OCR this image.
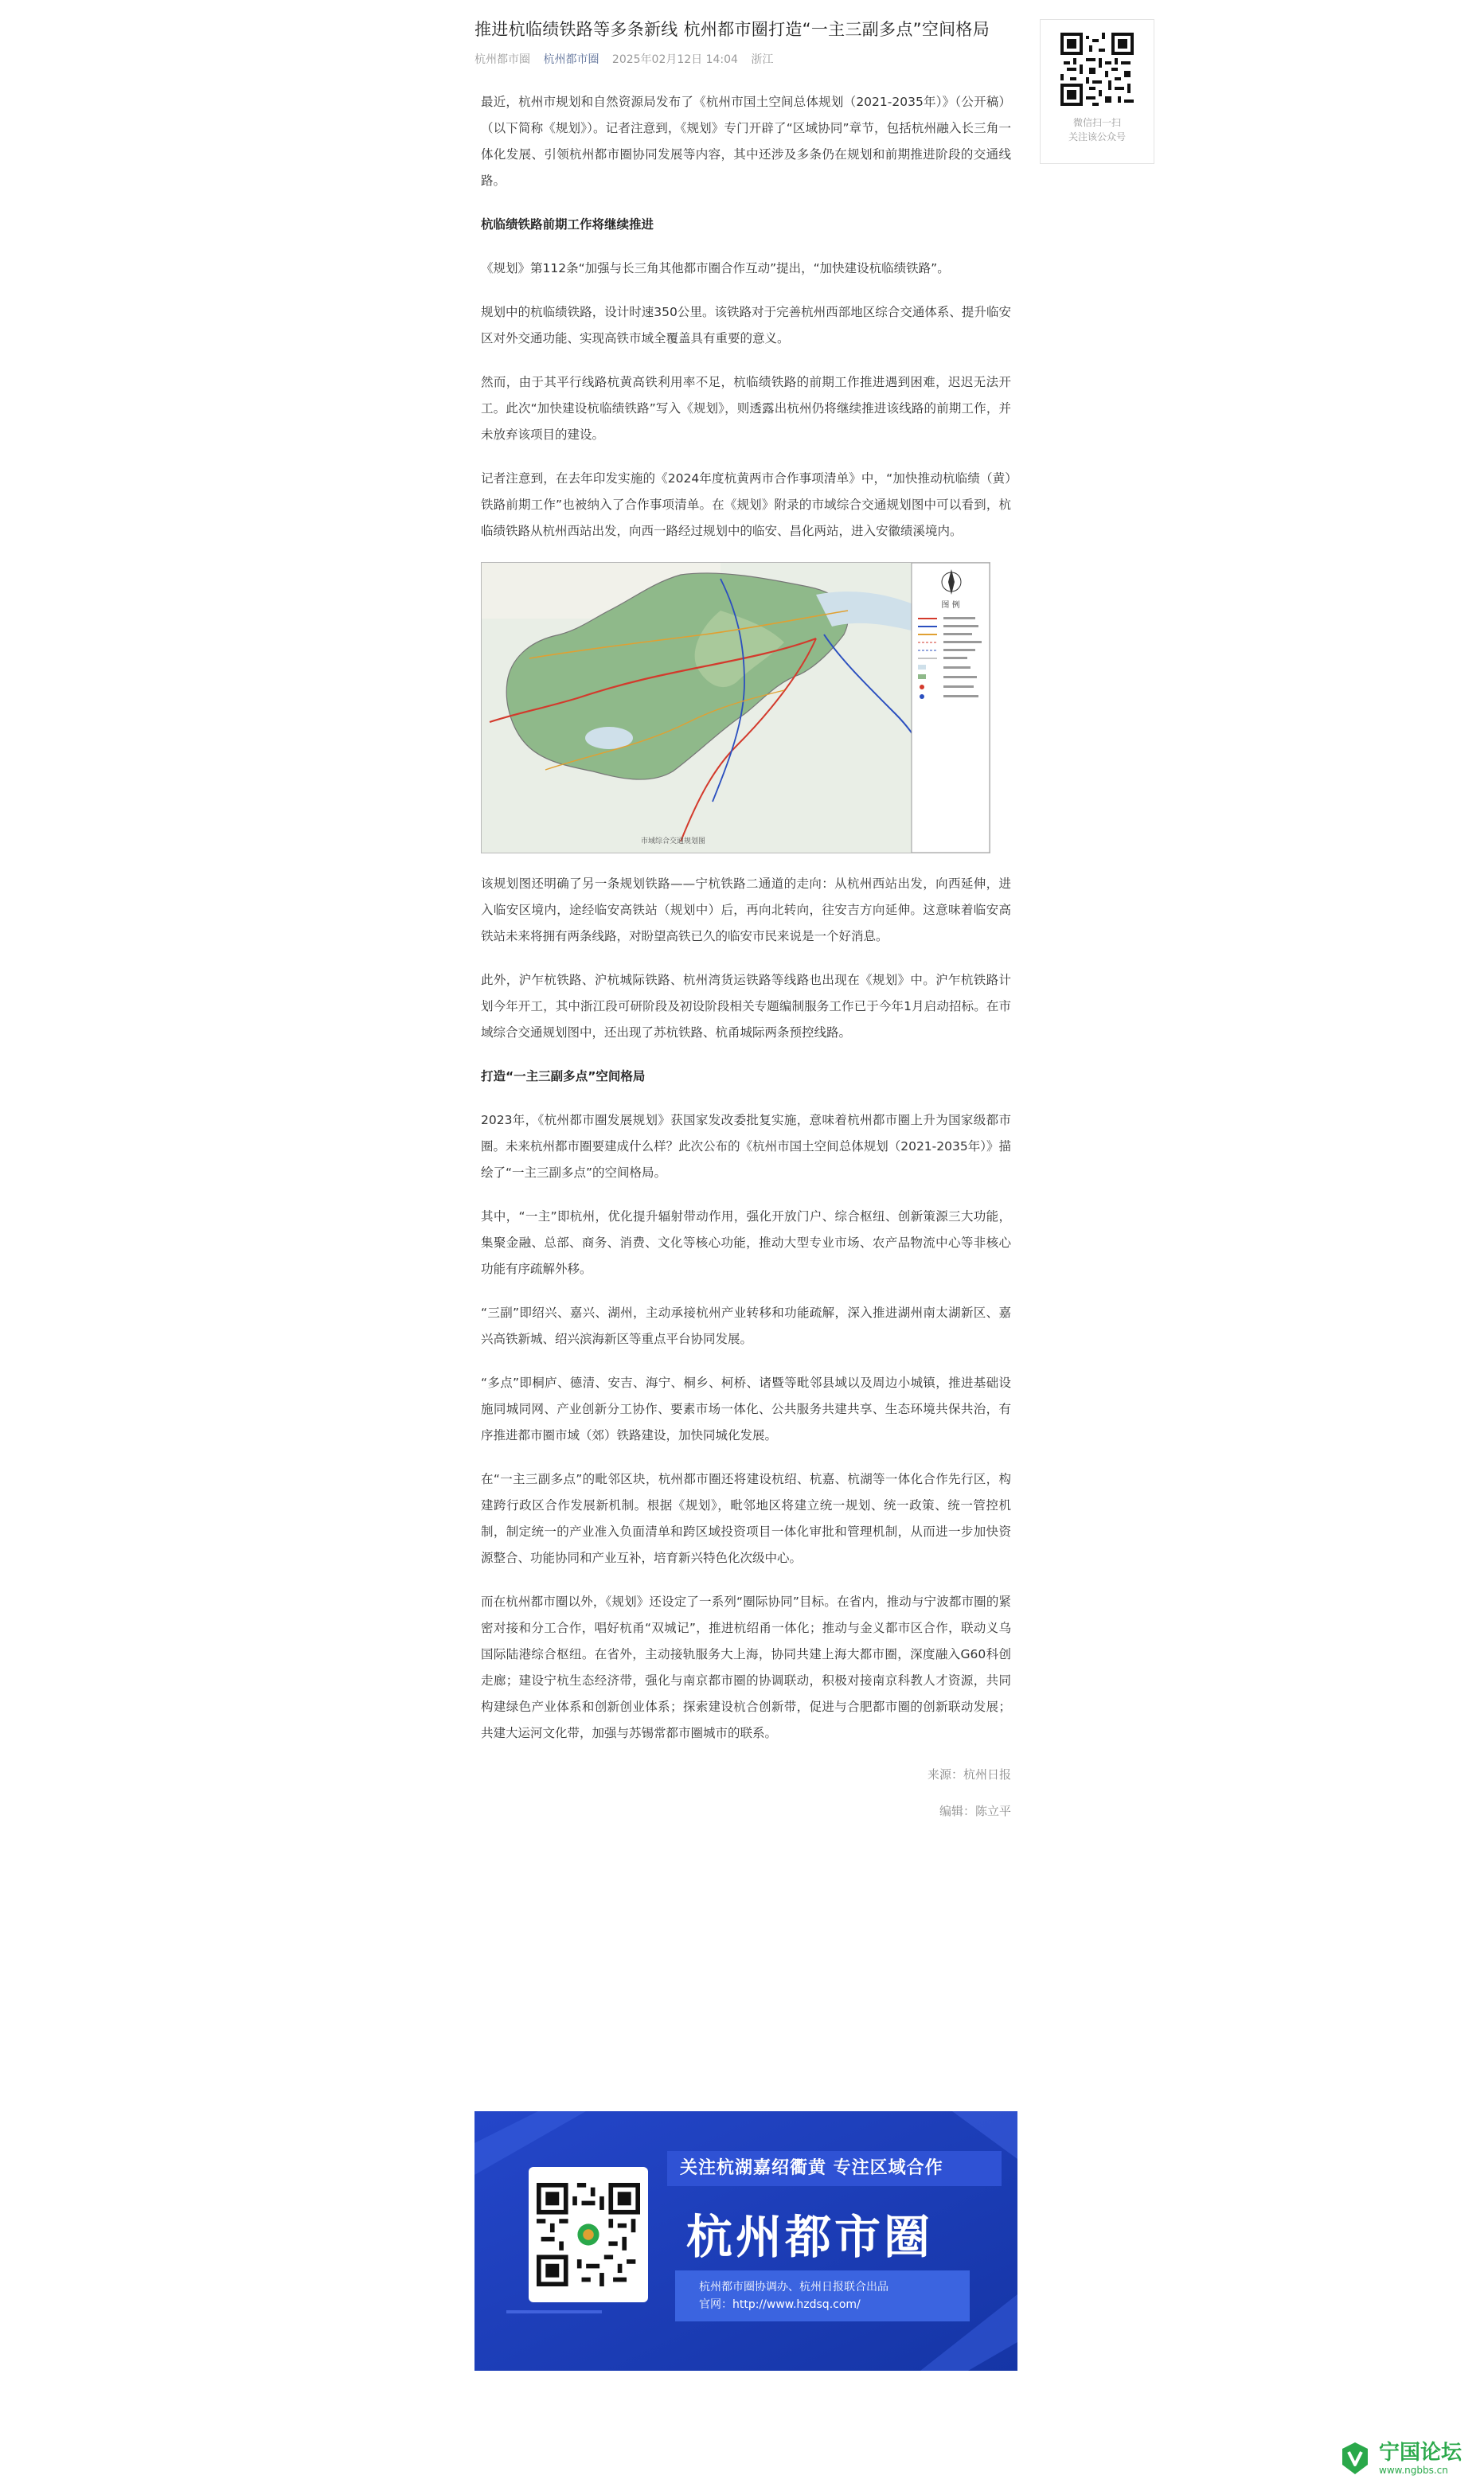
推进杭临绩铁路等多条新线 杭州都市圈打造“一主三副多点”空间格局
杭州都市圈 杭州都市圈 2025年02月12日 14:04 浙江

最近，杭州市规划和自然资源局发布了《杭州市国土空间总体规划（2021-2035年）》（公开稿）（以下简称《规划》）。记者注意到，《规划》专门开辟了“区域协同”章节，包括杭州融入长三角一体化发展、引领杭州都市圈协同发展等内容，其中还涉及多条仍在规划和前期推进阶段的交通线路。

杭临绩铁路前期工作将继续推进

《规划》第112条“加强与长三角其他都市圈合作互动”提出，“加快建设杭临绩铁路”。

规划中的杭临绩铁路，设计时速350公里。该铁路对于完善杭州西部地区综合交通体系、提升临安区对外交通功能、实现高铁市域全覆盖具有重要的意义。

然而，由于其平行线路杭黄高铁利用率不足，杭临绩铁路的前期工作推进遇到困难，迟迟无法开工。此次“加快建设杭临绩铁路”写入《规划》，则透露出杭州仍将继续推进该线路的前期工作，并未放弃该项目的建设。

记者注意到，在去年印发实施的《2024年度杭黄两市合作事项清单》中，“加快推动杭临绩（黄）铁路前期工作”也被纳入了合作事项清单。在《规划》附录的市域综合交通规划图中可以看到，杭临绩铁路从杭州西站出发，向西一路经过规划中的临安、昌化两站，进入安徽绩溪境内。

图 例
市域综合交通规划图

该规划图还明确了另一条规划铁路——宁杭铁路二通道的走向：从杭州西站出发，向西延伸，进入临安区境内，途经临安高铁站（规划中）后，再向北转向，往安吉方向延伸。这意味着临安高铁站未来将拥有两条线路，对盼望高铁已久的临安市民来说是一个好消息。

此外，沪乍杭铁路、沪杭城际铁路、杭州湾货运铁路等线路也出现在《规划》中。沪乍杭铁路计划今年开工，其中浙江段可研阶段及初设阶段相关专题编制服务工作已于今年1月启动招标。在市域综合交通规划图中，还出现了苏杭铁路、杭甬城际两条预控线路。

打造“一主三副多点”空间格局

2023年，《杭州都市圈发展规划》获国家发改委批复实施，意味着杭州都市圈上升为国家级都市圈。未来杭州都市圈要建成什么样？此次公布的《杭州市国土空间总体规划（2021-2035年）》描绘了“一主三副多点”的空间格局。

其中，“一主”即杭州，优化提升辐射带动作用，强化开放门户、综合枢纽、创新策源三大功能，集聚金融、总部、商务、消费、文化等核心功能，推动大型专业市场、农产品物流中心等非核心功能有序疏解外移。

“三副”即绍兴、嘉兴、湖州，主动承接杭州产业转移和功能疏解，深入推进湖州南太湖新区、嘉兴高铁新城、绍兴滨海新区等重点平台协同发展。

“多点”即桐庐、德清、安吉、海宁、桐乡、柯桥、诸暨等毗邻县域以及周边小城镇，推进基础设施同城同网、产业创新分工协作、要素市场一体化、公共服务共建共享、生态环境共保共治，有序推进都市圈市域（郊）铁路建设，加快同城化发展。

在“一主三副多点”的毗邻区块，杭州都市圈还将建设杭绍、杭嘉、杭湖等一体化合作先行区，构建跨行政区合作发展新机制。根据《规划》，毗邻地区将建立统一规划、统一政策、统一管控机制，制定统一的产业准入负面清单和跨区域投资项目一体化审批和管理机制，从而进一步加快资源整合、功能协同和产业互补，培育新兴特色化次级中心。

而在杭州都市圈以外，《规划》还设定了一系列“圈际协同”目标。在省内，推动与宁波都市圈的紧密对接和分工合作，唱好杭甬“双城记”，推进杭绍甬一体化；推动与金义都市区合作，联动义乌国际陆港综合枢纽。在省外，主动接轨服务大上海，协同共建上海大都市圈，深度融入G60科创走廊；建设宁杭生态经济带，强化与南京都市圈的协调联动，积极对接南京科教人才资源，共同构建绿色产业体系和创新创业体系；探索建设杭合创新带，促进与合肥都市圈的创新联动发展；共建大运河文化带，加强与苏锡常都市圈城市的联系。

来源：杭州日报
编辑：陈立平
微信扫一扫
关注该公众号
关注杭湖嘉绍衢黄 专注区域合作
杭州都市圈
杭州都市圈协调办、杭州日报联合出品
官网：http://www.hzdsq.com/
宁国论坛
www.ngbbs.cn
